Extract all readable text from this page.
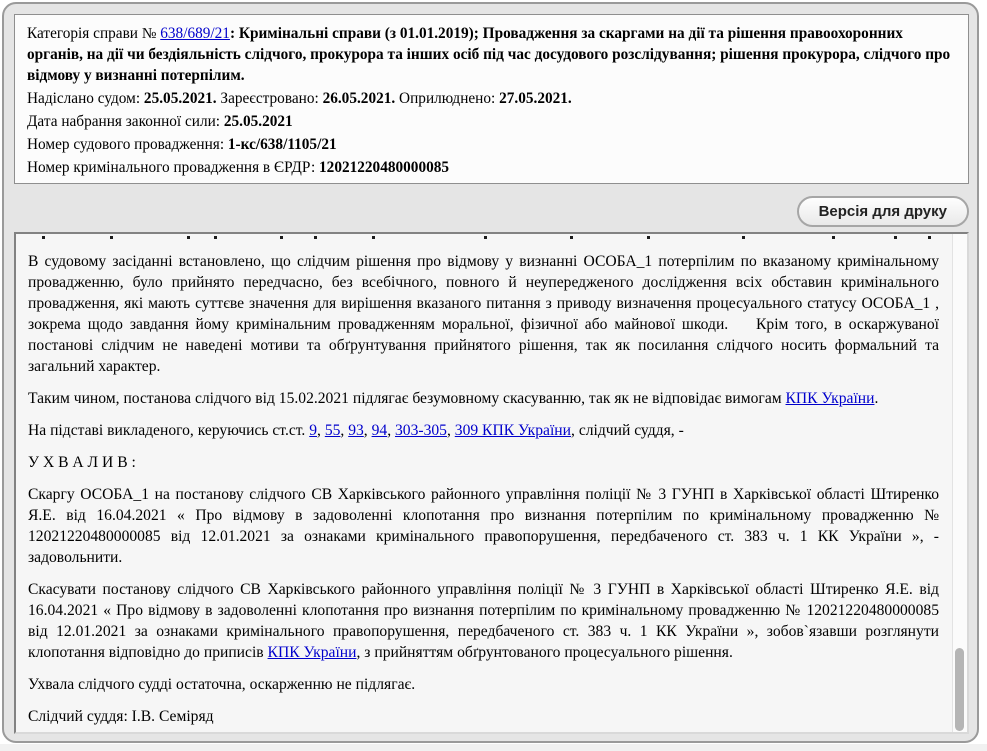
Категорія справи № 638/689/21: Кримінальні справи (з 01.01.2019); Провадження за скаргами на дії та рішення правоохоронних органів, на дії чи бездіяльність слідчого, прокурора та інших осіб під час досудового розслідування; рішення прокурора, слідчого про відмову у визнанні потерпілим.

Надіслано судом: 25.05.2021. Зареєстровано: 26.05.2021. Оприлюднено: 27.05.2021.

Дата набрання законної сили: 25.05.2021

Номер судового провадження: 1-кс/638/1105/21

Номер кримінального провадження в ЄРДР: 12021220480000085

Версія для друку

В судовому засіданні встановлено, що слідчим рішення про відмову у визнанні ОСОБА_1 потерпілим по вказаному кримінальному провадженню, було прийнято передчасно, без всебічного, повного й неупередженого дослідження всіх обставин кримінального провадження, які мають суттєве значення для вирішення вказаного питання з приводу визначення процесуального статусу ОСОБА_1 , зокрема щодо завдання йому кримінальним провадженням моральної, фізичної або майнової шкоди.    Крім того, в оскаржуваної постанові слідчим не наведені мотиви та обґрунтування прийнятого рішення, так як посилання слідчого носить формальний та загальний характер.

Таким чином, постанова слідчого від 15.02.2021 підлягає безумовному скасуванню, так як не відповідає вимогам КПК України.

На підставі викладеного, керуючись ст.ст. 9, 55, 93, 94, 303-305, 309 КПК України, слідчий суддя, -

У Х В А Л И В :

Скаргу ОСОБА_1 на постанову слідчого СВ Харківського районного управління поліції № 3 ГУНП в Харківської області Штиренко Я.Е. від 16.04.2021 « Про відмову в задоволенні клопотання про визнання потерпілим по кримінальному провадженню № 12021220480000085 від 12.01.2021 за ознаками кримінального правопорушення, передбаченого ст. 383 ч. 1 КК України », - задовольнити.

Скасувати постанову слідчого СВ Харківського районного управління поліції № 3 ГУНП в Харківської області Штиренко Я.Е. від 16.04.2021 « Про відмову в задоволенні клопотання про визнання потерпілим по кримінальному провадженню № 12021220480000085 від 12.01.2021 за ознаками кримінального правопорушення, передбаченого ст. 383 ч. 1 КК України », зобов`язавши розглянути клопотання відповідно до приписів КПК України, з прийняттям обґрунтованого процесуального рішення.

Ухвала слідчого судді остаточна, оскарженню не підлягає.

Слідчий суддя: І.В. Семіряд
